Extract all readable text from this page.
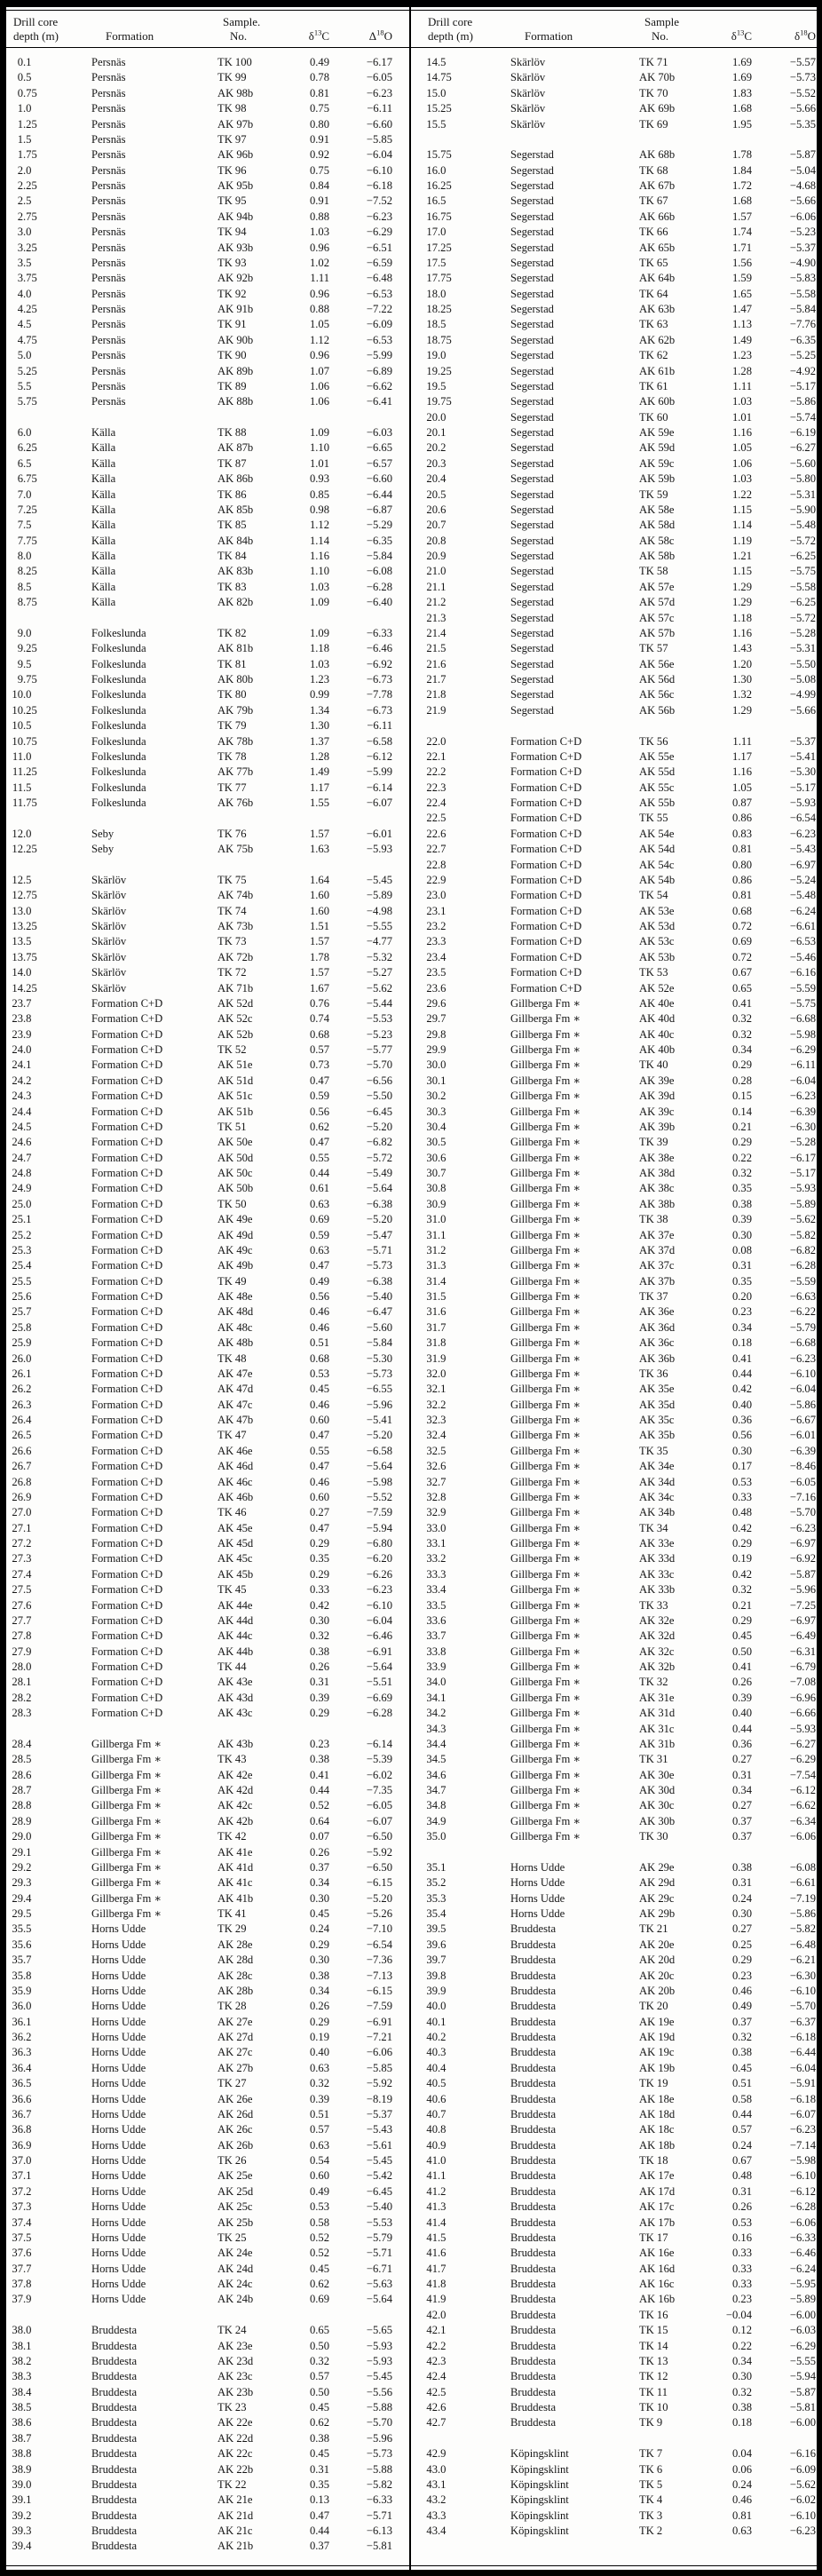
Drill core
depth (m)	Formation
Sample.
No.	$\delta^{13}C$	$\Delta^{18}O$
0.1	Persnäs	TK 100	0.49	−6.17
0.5	Persnäs	TK 99	0.78	−6.05
0.75	Persnäs	AK 98b	0.81	−6.23
1.0	Persnäs	TK 98	0.75	−6.11
1.25	Persnäs	AK 97b	0.80	−6.60
1.5	Persnäs	TK 97	0.91	−5.85
1.75	Persnäs	AK 96b	0.92	−6.04
2.0	Persnäs	TK 96	0.75	−6.10
2.25	Persnäs	AK 95b	0.84	−6.18
2.5	Persnäs	TK 95	0.91	−7.52
2.75	Persnäs	AK 94b	0.88	−6.23
3.0	Persnäs	TK 94	1.03	−6.29
3.25	Persnäs	AK 93b	0.96	−6.51
3.5	Persnäs	TK 93	1.02	−6.59
3.75	Persnäs	AK 92b	1.11	−6.48
4.0	Persnäs	TK 92	0.96	−6.53
4.25	Persnäs	AK 91b	0.88	−7.22
4.5	Persnäs	TK 91	1.05	−6.09
4.75	Persnäs	AK 90b	1.12	−6.53
5.0	Persnäs	TK 90	0.96	−5.99
5.25	Persnäs	AK 89b	1.07	−6.89
5.5	Persnäs	TK 89	1.06	−6.62
5.75	Persnäs	AK 88b	1.06	−6.41
6.0	Källa	TK 88	1.09	−6.03
6.25	Källa	AK 87b	1.10	−6.65
6.5	Källa	TK 87	1.01	−6.57
6.75	Källa	AK 86b	0.93	−6.60
7.0	Källa	TK 86	0.85	−6.44
7.25	Källa	AK 85b	0.98	−6.87
7.5	Källa	TK 85	1.12	−5.29
7.75	Källa	AK 84b	1.14	−6.35
8.0	Källa	TK 84	1.16	−5.84
8.25	Källa	AK 83b	1.10	−6.08
8.5	Källa	TK 83	1.03	−6.28
8.75	Källa	AK 82b	1.09	−6.40
9.0	Folkeslunda	TK 82	1.09	−6.33
9.25	Folkeslunda	AK 81b	1.18	−6.46
9.5	Folkeslunda	TK 81	1.03	−6.92
9.75	Folkeslunda	AK 80b	1.23	−6.73
10.0	Folkeslunda	TK 80	0.99	−7.78
10.25	Folkeslunda	AK 79b	1.34	−6.73
10.5	Folkeslunda	TK 79	1.30	−6.11
10.75	Folkeslunda	AK 78b	1.37	−6.58
11.0	Folkeslunda	TK 78	1.28	−6.12
11.25	Folkeslunda	AK 77b	1.49	−5.99
11.5	Folkeslunda	TK 77	1.17	−6.14
11.75	Folkeslunda	AK 76b	1.55	−6.07
12.0	Seby	TK 76	1.57	−6.01
12.25	Seby	AK 75b	1.63	−5.93
12.5	Skärlöv	TK 75	1.64	−5.45
12.75	Skärlöv	AK 74b	1.60	−5.89
13.0	Skärlöv	TK 74	1.60	−4.98
13.25	Skärlöv	AK 73b	1.51	−5.55
13.5	Skärlöv	TK 73	1.57	−4.77
13.75	Skärlöv	AK 72b	1.78	−5.32
14.0	Skärlöv	TK 72	1.57	−5.27
14.25	Skärlöv	AK 71b	1.67	−5.62
23.7	Formation C+D	AK 52d	0.76	−5.44
23.8	Formation C+D	AK 52c	0.74	−5.53
23.9	Formation C+D	AK 52b	0.68	−5.23
24.0	Formation C+D	TK 52	0.57	−5.77
24.1	Formation C+D	AK 51e	0.73	−5.70
24.2	Formation C+D	AK 51d	0.47	−6.56
24.3	Formation C+D	AK 51c	0.59	−5.50
24.4	Formation C+D	AK 51b	0.56	−6.45
24.5	Formation C+D	TK 51	0.62	−5.20
24.6	Formation C+D	AK 50e	0.47	−6.82
24.7	Formation C+D	AK 50d	0.55	−5.72
24.8	Formation C+D	AK 50c	0.44	−5.49
24.9	Formation C+D	AK 50b	0.61	−5.64
25.0	Formation C+D	TK 50	0.63	−6.38
25.1	Formation C+D	AK 49e	0.69	−5.20
25.2	Formation C+D	AK 49d	0.59	−5.47
25.3	Formation C+D	AK 49c	0.63	−5.71
25.4	Formation C+D	AK 49b	0.47	−5.73
25.5	Formation C+D	TK 49	0.49	−6.38
25.6	Formation C+D	AK 48e	0.56	−5.40
25.7	Formation C+D	AK 48d	0.46	−6.47
25.8	Formation C+D	AK 48c	0.46	−5.60
25.9	Formation C+D	AK 48b	0.51	−5.84
26.0	Formation C+D	TK 48	0.68	−5.30
26.1	Formation C+D	AK 47e	0.53	−5.73
26.2	Formation C+D	AK 47d	0.45	−6.55
26.3	Formation C+D	AK 47c	0.46	−5.96
26.4	Formation C+D	AK 47b	0.60	−5.41
26.5	Formation C+D	TK 47	0.47	−5.20
26.6	Formation C+D	AK 46e	0.55	−6.58
26.7	Formation C+D	AK 46d	0.47	−5.64
26.8	Formation C+D	AK 46c	0.46	−5.98
26.9	Formation C+D	AK 46b	0.60	−5.52
27.0	Formation C+D	TK 46	0.27	−7.59
27.1	Formation C+D	AK 45e	0.47	−5.94
27.2	Formation C+D	AK 45d	0.29	−6.80
27.3	Formation C+D	AK 45c	0.35	−6.20
27.4	Formation C+D	AK 45b	0.29	−6.26
27.5	Formation C+D	TK 45	0.33	−6.23
27.6	Formation C+D	AK 44e	0.42	−6.10
27.7	Formation C+D	AK 44d	0.30	−6.04
27.8	Formation C+D	AK 44c	0.32	−6.46
27.9	Formation C+D	AK 44b	0.38	−6.91
28.0	Formation C+D	TK 44	0.26	−5.64
28.1	Formation C+D	AK 43e	0.31	−5.51
28.2	Formation C+D	AK 43d	0.39	−6.69
28.3	Formation C+D	AK 43c	0.29	−6.28
28.4	Gillberga Fm ∗	AK 43b	0.23	−6.14
28.5	Gillberga Fm ∗	TK 43	0.38	−5.39
28.6	Gillberga Fm ∗	AK 42e	0.41	−6.02
28.7	Gillberga Fm ∗	AK 42d	0.44	−7.35
28.8	Gillberga Fm ∗	AK 42c	0.52	−6.05
28.9	Gillberga Fm ∗	AK 42b	0.64	−6.07
29.0	Gillberga Fm ∗	TK 42	0.07	−6.50
29.1	Gillberga Fm ∗	AK 41e	0.26	−5.92
29.2	Gillberga Fm ∗	AK 41d	0.37	−6.50
29.3	Gillberga Fm ∗	AK 41c	0.34	−6.15
29.4	Gillberga Fm ∗	AK 41b	0.30	−5.20
29.5	Gillberga Fm ∗	TK 41	0.45	−5.26
35.5	Horns Udde	TK 29	0.24	−7.10
35.6	Horns Udde	AK 28e	0.29	−6.54
35.7	Horns Udde	AK 28d	0.30	−7.36
35.8	Horns Udde	AK 28c	0.38	−7.13
35.9	Horns Udde	AK 28b	0.34	−6.15
36.0	Horns Udde	TK 28	0.26	−7.59
36.1	Horns Udde	AK 27e	0.29	−6.91
36.2	Horns Udde	AK 27d	0.19	−7.21
36.3	Horns Udde	AK 27c	0.40	−6.06
36.4	Horns Udde	AK 27b	0.63	−5.85
36.5	Horns Udde	TK 27	0.32	−5.92
36.6	Horns Udde	AK 26e	0.39	−8.19
36.7	Horns Udde	AK 26d	0.51	−5.37
36.8	Horns Udde	AK 26c	0.57	−5.43
36.9	Horns Udde	AK 26b	0.63	−5.61
37.0	Horns Udde	TK 26	0.54	−5.45
37.1	Horns Udde	AK 25e	0.60	−5.42
37.2	Horns Udde	AK 25d	0.49	−6.45
37.3	Horns Udde	AK 25c	0.53	−5.40
37.4	Horns Udde	AK 25b	0.58	−5.53
37.5	Horns Udde	TK 25	0.52	−5.79
37.6	Horns Udde	AK 24e	0.52	−5.71
37.7	Horns Udde	AK 24d	0.45	−6.71
37.8	Horns Udde	AK 24c	0.62	−5.63
37.9	Horns Udde	AK 24b	0.69	−5.64
38.0	Bruddesta	TK 24	0.65	−5.65
38.1	Bruddesta	AK 23e	0.50	−5.93
38.2	Bruddesta	AK 23d	0.32	−5.93
38.3	Bruddesta	AK 23c	0.57	−5.45
38.4	Bruddesta	AK 23b	0.50	−5.56
38.5	Bruddesta	TK 23	0.45	−5.88
38.6	Bruddesta	AK 22e	0.62	−5.70
38.7	Bruddesta	AK 22d	0.38	−5.96
38.8	Bruddesta	AK 22c	0.45	−5.73
38.9	Bruddesta	AK 22b	0.31	−5.88
39.0	Bruddesta	TK 22	0.35	−5.82
39.1	Bruddesta	AK 21e	0.13	−6.33
39.2	Bruddesta	AK 21d	0.47	−5.71
39.3	Bruddesta	AK 21c	0.44	−6.13
39.4	Bruddesta	AK 21b	0.37	−5.81
Drill core
depth (m)	Formation
Sample
No.	$\delta^{13}C$	$\delta^{18}O$
14.5	Skärlöv	TK 71	1.69	−5.57
14.75	Skärlöv	AK 70b	1.69	−5.73
15.0	Skärlöv	TK 70	1.83	−5.52
15.25	Skärlöv	AK 69b	1.68	−5.66
15.5	Skärlöv	TK 69	1.95	−5.35
15.75	Segerstad	AK 68b	1.78	−5.87
16.0	Segerstad	TK 68	1.84	−5.04
16.25	Segerstad	AK 67b	1.72	−4.68
16.5	Segerstad	TK 67	1.68	−5.66
16.75	Segerstad	AK 66b	1.57	−6.06
17.0	Segerstad	TK 66	1.74	−5.23
17.25	Segerstad	AK 65b	1.71	−5.37
17.5	Segerstad	TK 65	1.56	−4.90
17.75	Segerstad	AK 64b	1.59	−5.83
18.0	Segerstad	TK 64	1.65	−5.58
18.25	Segerstad	AK 63b	1.47	−5.84
18.5	Segerstad	TK 63	1.13	−7.76
18.75	Segerstad	AK 62b	1.49	−6.35
19.0	Segerstad	TK 62	1.23	−5.25
19.25	Segerstad	AK 61b	1.28	−4.92
19.5	Segerstad	TK 61	1.11	−5.17
19.75	Segerstad	AK 60b	1.03	−5.86
20.0	Segerstad	TK 60	1.01	−5.74
20.1	Segerstad	AK 59e	1.16	−6.19
20.2	Segerstad	AK 59d	1.05	−6.27
20.3	Segerstad	AK 59c	1.06	−5.60
20.4	Segerstad	AK 59b	1.03	−5.80
20.5	Segerstad	TK 59	1.22	−5.31
20.6	Segerstad	AK 58e	1.15	−5.90
20.7	Segerstad	AK 58d	1.14	−5.48
20.8	Segerstad	AK 58c	1.19	−5.72
20.9	Segerstad	AK 58b	1.21	−6.25
21.0	Segerstad	TK 58	1.15	−5.75
21.1	Segerstad	AK 57e	1.29	−5.58
21.2	Segerstad	AK 57d	1.29	−6.25
21.3	Segerstad	AK 57c	1.18	−5.72
21.4	Segerstad	AK 57b	1.16	−5.28
21.5	Segerstad	TK 57	1.43	−5.31
21.6	Segerstad	AK 56e	1.20	−5.50
21.7	Segerstad	AK 56d	1.30	−5.08
21.8	Segerstad	AK 56c	1.32	−4.99
21.9	Segerstad	AK 56b	1.29	−5.66
22.0	Formation C+D	TK 56	1.11	−5.37
22.1	Formation C+D	AK 55e	1.17	−5.41
22.2	Formation C+D	AK 55d	1.16	−5.30
22.3	Formation C+D	AK 55c	1.05	−5.17
22.4	Formation C+D	AK 55b	0.87	−5.93
22.5	Formation C+D	TK 55	0.86	−6.54
22.6	Formation C+D	AK 54e	0.83	−6.23
22.7	Formation C+D	AK 54d	0.81	−5.43
22.8	Formation C+D	AK 54c	0.80	−6.97
22.9	Formation C+D	AK 54b	0.86	−5.24
23.0	Formation C+D	TK 54	0.81	−5.48
23.1	Formation C+D	AK 53e	0.68	−6.24
23.2	Formation C+D	AK 53d	0.72	−6.61
23.3	Formation C+D	AK 53c	0.69	−6.53
23.4	Formation C+D	AK 53b	0.72	−5.46
23.5	Formation C+D	TK 53	0.67	−6.16
23.6	Formation C+D	AK 52e	0.65	−5.59
29.6	Gillberga Fm ∗	AK 40e	0.41	−5.75
29.7	Gillberga Fm ∗	AK 40d	0.32	−6.68
29.8	Gillberga Fm ∗	AK 40c	0.32	−5.98
29.9	Gillberga Fm ∗	AK 40b	0.34	−6.29
30.0	Gillberga Fm ∗	TK 40	0.29	−6.11
30.1	Gillberga Fm ∗	AK 39e	0.28	−6.04
30.2	Gillberga Fm ∗	AK 39d	0.15	−6.23
30.3	Gillberga Fm ∗	AK 39c	0.14	−6.39
30.4	Gillberga Fm ∗	AK 39b	0.21	−6.30
30.5	Gillberga Fm ∗	TK 39	0.29	−5.28
30.6	Gillberga Fm ∗	AK 38e	0.22	−6.17
30.7	Gillberga Fm ∗	AK 38d	0.32	−5.17
30.8	Gillberga Fm ∗	AK 38c	0.35	−5.93
30.9	Gillberga Fm ∗	AK 38b	0.38	−5.89
31.0	Gillberga Fm ∗	TK 38	0.39	−5.62
31.1	Gillberga Fm ∗	AK 37e	0.30	−5.82
31.2	Gillberga Fm ∗	AK 37d	0.08	−6.82
31.3	Gillberga Fm ∗	AK 37c	0.31	−6.28
31.4	Gillberga Fm ∗	AK 37b	0.35	−5.59
31.5	Gillberga Fm ∗	TK 37	0.20	−6.63
31.6	Gillberga Fm ∗	AK 36e	0.23	−6.22
31.7	Gillberga Fm ∗	AK 36d	0.34	−5.79
31.8	Gillberga Fm ∗	AK 36c	0.18	−6.68
31.9	Gillberga Fm ∗	AK 36b	0.41	−6.23
32.0	Gillberga Fm ∗	TK 36	0.44	−6.10
32.1	Gillberga Fm ∗	AK 35e	0.42	−6.04
32.2	Gillberga Fm ∗	AK 35d	0.40	−5.86
32.3	Gillberga Fm ∗	AK 35c	0.36	−6.67
32.4	Gillberga Fm ∗	AK 35b	0.56	−6.01
32.5	Gillberga Fm ∗	TK 35	0.30	−6.39
32.6	Gillberga Fm ∗	AK 34e	0.17	−8.46
32.7	Gillberga Fm ∗	AK 34d	0.53	−6.05
32.8	Gillberga Fm ∗	AK 34c	0.33	−7.16
32.9	Gillberga Fm ∗	AK 34b	0.48	−5.70
33.0	Gillberga Fm ∗	TK 34	0.42	−6.23
33.1	Gillberga Fm ∗	AK 33e	0.29	−6.97
33.2	Gillberga Fm ∗	AK 33d	0.19	−6.92
33.3	Gillberga Fm ∗	AK 33c	0.42	−5.87
33.4	Gillberga Fm ∗	AK 33b	0.32	−5.96
33.5	Gillberga Fm ∗	TK 33	0.21	−7.25
33.6	Gillberga Fm ∗	AK 32e	0.29	−6.97
33.7	Gillberga Fm ∗	AK 32d	0.45	−6.49
33.8	Gillberga Fm ∗	AK 32c	0.50	−6.31
33.9	Gillberga Fm ∗	AK 32b	0.41	−6.79
34.0	Gillberga Fm ∗	TK 32	0.26	−7.08
34.1	Gillberga Fm ∗	AK 31e	0.39	−6.96
34.2	Gillberga Fm ∗	AK 31d	0.40	−6.66
34.3	Gillberga Fm ∗	AK 31c	0.44	−5.93
34.4	Gillberga Fm ∗	AK 31b	0.36	−6.27
34.5	Gillberga Fm ∗	TK 31	0.27	−6.29
34.6	Gillberga Fm ∗	AK 30e	0.31	−7.54
34.7	Gillberga Fm ∗	AK 30d	0.34	−6.12
34.8	Gillberga Fm ∗	AK 30c	0.27	−6.62
34.9	Gillberga Fm ∗	AK 30b	0.37	−6.34
35.0	Gillberga Fm ∗	TK 30	0.37	−6.06
35.1	Horns Udde	AK 29e	0.38	−6.08
35.2	Horns Udde	AK 29d	0.31	−6.61
35.3	Horns Udde	AK 29c	0.24	−7.19
35.4	Horns Udde	AK 29b	0.30	−5.86
39.5	Bruddesta	TK 21	0.27	−5.82
39.6	Bruddesta	AK 20e	0.25	−6.48
39.7	Bruddesta	AK 20d	0.29	−6.21
39.8	Bruddesta	AK 20c	0.23	−6.30
39.9	Bruddesta	AK 20b	0.46	−6.10
40.0	Bruddesta	TK 20	0.49	−5.70
40.1	Bruddesta	AK 19e	0.37	−6.37
40.2	Bruddesta	AK 19d	0.32	−6.18
40.3	Bruddesta	AK 19c	0.38	−6.44
40.4	Bruddesta	AK 19b	0.45	−6.04
40.5	Bruddesta	TK 19	0.51	−5.91
40.6	Bruddesta	AK 18e	0.58	−6.18
40.7	Bruddesta	AK 18d	0.44	−6.07
40.8	Bruddesta	AK 18c	0.57	−6.23
40.9	Bruddesta	AK 18b	0.24	−7.14
41.0	Bruddesta	TK 18	0.67	−5.98
41.1	Bruddesta	AK 17e	0.48	−6.10
41.2	Bruddesta	AK 17d	0.31	−6.12
41.3	Bruddesta	AK 17c	0.26	−6.28
41.4	Bruddesta	AK 17b	0.53	−6.06
41.5	Bruddesta	TK 17	0.16	−6.33
41.6	Bruddesta	AK 16e	0.33	−6.46
41.7	Bruddesta	AK 16d	0.33	−6.24
41.8	Bruddesta	AK 16c	0.33	−5.95
41.9	Bruddesta	AK 16b	0.23	−5.89
42.0	Bruddesta	TK 16	−0.04	−6.00
42.1	Bruddesta	TK 15	0.12	−6.03
42.2	Bruddesta	TK 14	0.22	−6.29
42.3	Bruddesta	TK 13	0.34	−5.55
42.4	Bruddesta	TK 12	0.30	−5.94
42.5	Bruddesta	TK 11	0.32	−5.87
42.6	Bruddesta	TK 10	0.38	−5.81
42.7	Bruddesta	TK 9	0.18	−6.00
42.9	Köpingsklint	TK 7	0.04	−6.16
43.0	Köpingsklint	TK 6	0.06	−6.09
43.1	Köpingsklint	TK 5	0.24	−5.62
43.2	Köpingsklint	TK 4	0.46	−6.02
43.3	Köpingsklint	TK 3	0.81	−6.10
43.4	Köpingsklint	TK 2	0.63	−6.23
